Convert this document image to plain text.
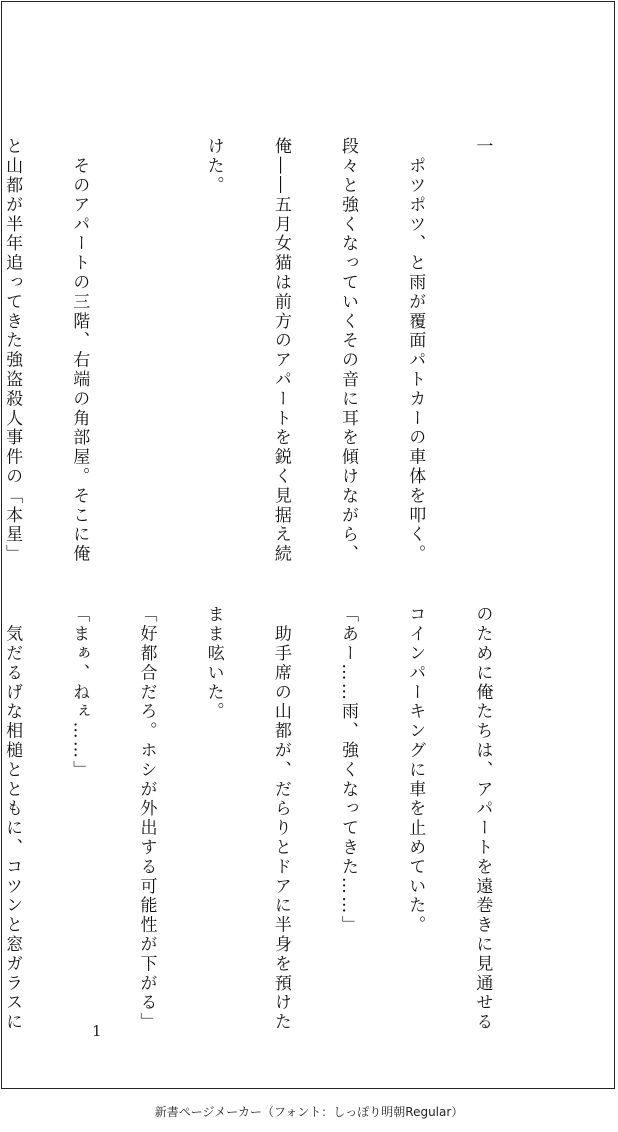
一

　ポツポツ、と雨が覆面パトカーの車体を叩く。

段々と強くなっていくその音に耳を傾けながら、

俺――五月女猫は前方のアパートを鋭く見据え続

けた。

　そのアパートの三階、右端の角部屋。そこに俺

と山都が半年追ってきた強盗殺人事件の「本星」

のために俺たちは、アパートを遠巻きに見通せる

コインパーキングに車を止めていた。

「あー……雨、強くなってきた……」

　助手席の山都が、だらりとドアに半身を預けた

まま呟いた。

「好都合だろ。ホシが外出する可能性が下がる」

「まぁ、ねぇ……」

　気だるげな相槌とともに、コツンと窓ガラスに

	1
新書ページメーカー（フォント：しっぽり明朝Regular）
